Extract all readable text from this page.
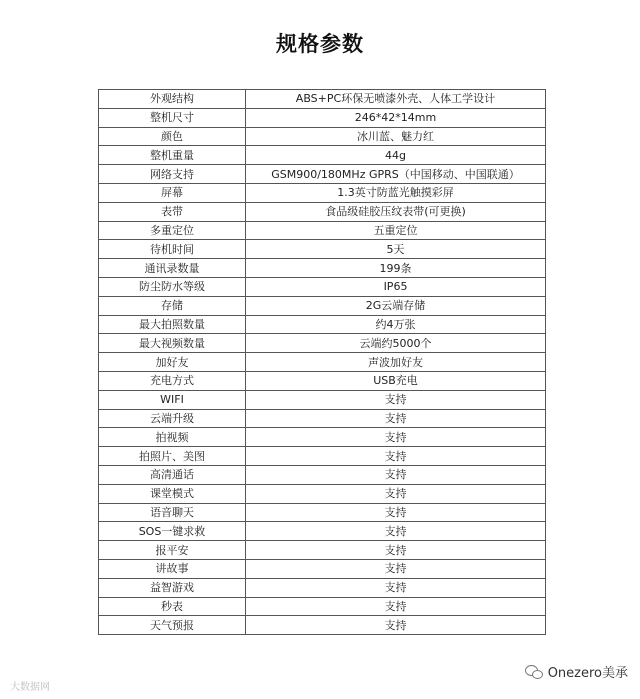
规格参数
外观结构	ABS+PC环保无喷漆外壳、人体工学设计
整机尺寸	246*42*14mm
颜色	冰川蓝、魅力红
整机重量	44g
网络支持	GSM900/180MHz GPRS（中国移动、中国联通）
屏幕	1.3英寸防蓝光触摸彩屏
表带	食品级硅胶压纹表带(可更换)
多重定位	五重定位
待机时间	5天
通讯录数量	199条
防尘防水等级	IP65
存储	2G云端存储
最大拍照数量	约4万张
最大视频数量	云端约5000个
加好友	声波加好友
充电方式	USB充电
WIFI	支持
云端升级	支持
拍视频	支持
拍照片、美图	支持
高清通话	支持
课堂模式	支持
语音聊天	支持
SOS一键求救	支持
报平安	支持
讲故事	支持
益智游戏	支持
秒表	支持
天气预报	支持
大数据网
Onezero美承
